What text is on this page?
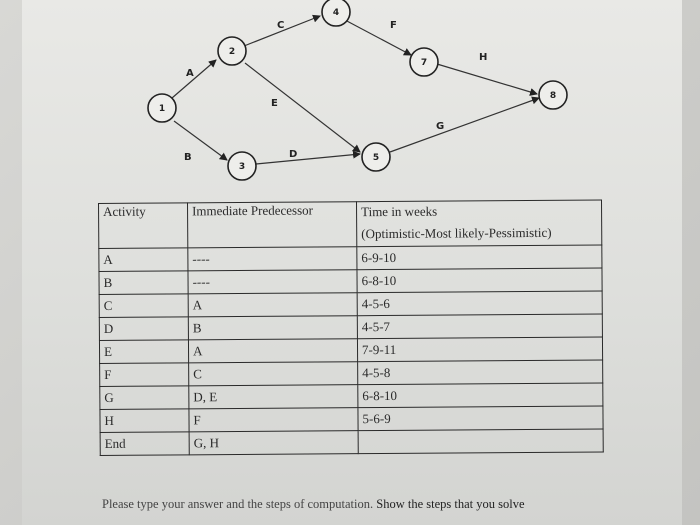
A
B
C
D
E
F
G
H
1
2
3
4
5
7
8
Activity	Immediate Predecessor	Time in weeks
(Optimistic-Most likely-Pessimistic)

A	----	6-9-10
B	----	6-8-10
C	A	4-5-6
D	B	4-5-7
E	A	7-9-11
F	C	4-5-8
G	D, E	6-8-10
H	F	5-6-9
End	G, H	
Please type your answer and the steps of computation. Show the steps that you solve
